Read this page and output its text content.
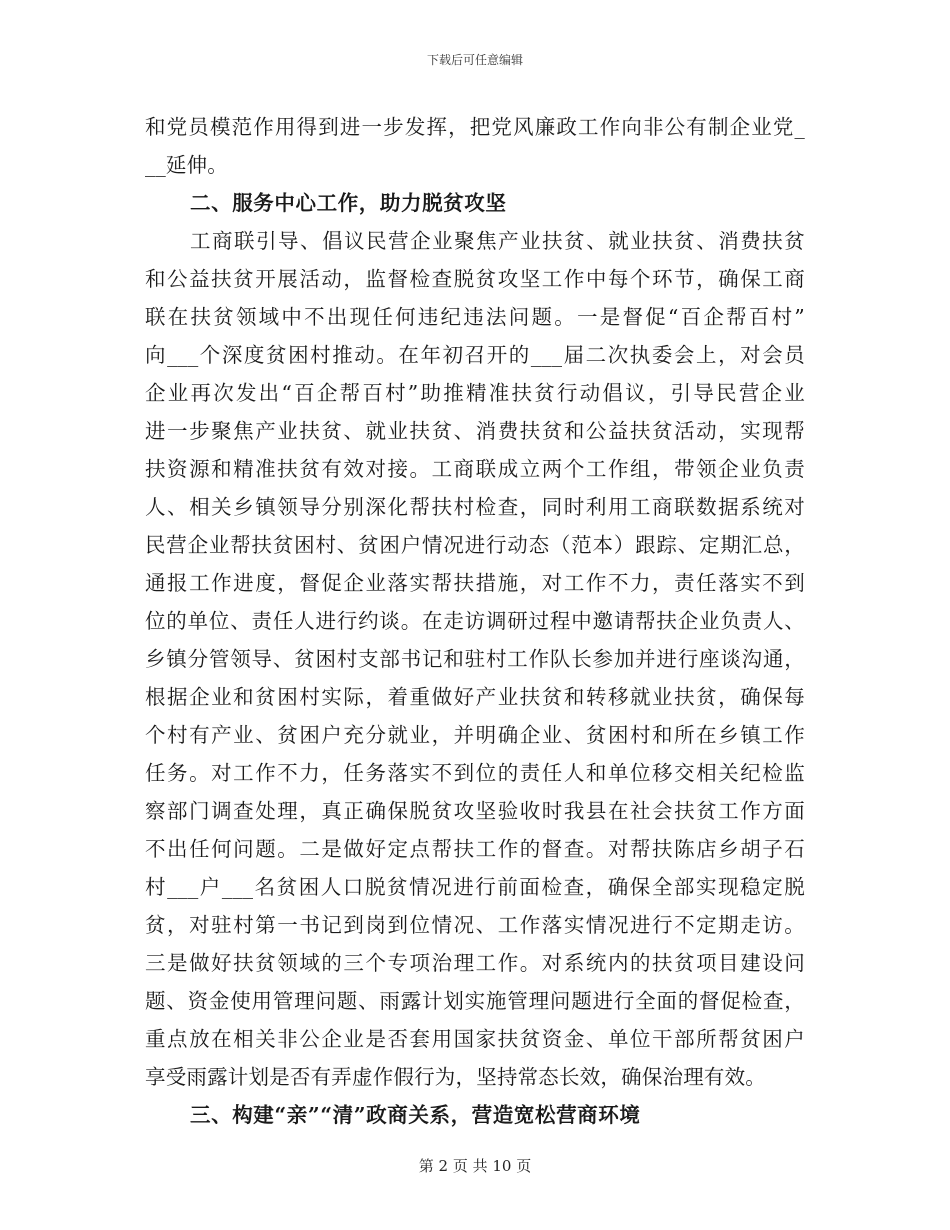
下载后可任意编辑
和党员模范作用得到进一步发挥，把党风廉政工作向非公有制企业党_
__延伸。
二、服务中心工作，助力脱贫攻坚
工商联引导、倡议民营企业聚焦产业扶贫、就业扶贫、消费扶贫
和公益扶贫开展活动，监督检查脱贫攻坚工作中每个环节，确保工商
联在扶贫领域中不出现任何违纪违法问题。一是督促“百企帮百村”
向___个深度贫困村推动。在年初召开的___届二次执委会上，对会员
企业再次发出“百企帮百村”助推精准扶贫行动倡议，引导民营企业
进一步聚焦产业扶贫、就业扶贫、消费扶贫和公益扶贫活动，实现帮
扶资源和精准扶贫有效对接。工商联成立两个工作组，带领企业负责
人、相关乡镇领导分别深化帮扶村检查，同时利用工商联数据系统对
民营企业帮扶贫困村、贫困户情况进行动态（范本）跟踪、定期汇总，
通报工作进度，督促企业落实帮扶措施，对工作不力，责任落实不到
位的单位、责任人进行约谈。在走访调研过程中邀请帮扶企业负责人、
乡镇分管领导、贫困村支部书记和驻村工作队长参加并进行座谈沟通，
根据企业和贫困村实际，着重做好产业扶贫和转移就业扶贫，确保每
个村有产业、贫困户充分就业，并明确企业、贫困村和所在乡镇工作
任务。对工作不力，任务落实不到位的责任人和单位移交相关纪检监
察部门调查处理，真正确保脱贫攻坚验收时我县在社会扶贫工作方面
不出任何问题。二是做好定点帮扶工作的督查。对帮扶陈店乡胡子石
村___户___名贫困人口脱贫情况进行前面检查，确保全部实现稳定脱
贫，对驻村第一书记到岗到位情况、工作落实情况进行不定期走访。
三是做好扶贫领域的三个专项治理工作。对系统内的扶贫项目建设问
题、资金使用管理问题、雨露计划实施管理问题进行全面的督促检查，
重点放在相关非公企业是否套用国家扶贫资金、单位干部所帮贫困户
享受雨露计划是否有弄虚作假行为，坚持常态长效，确保治理有效。
三、构建“亲”“清”政商关系，营造宽松营商环境
第 2 页 共 10 页
